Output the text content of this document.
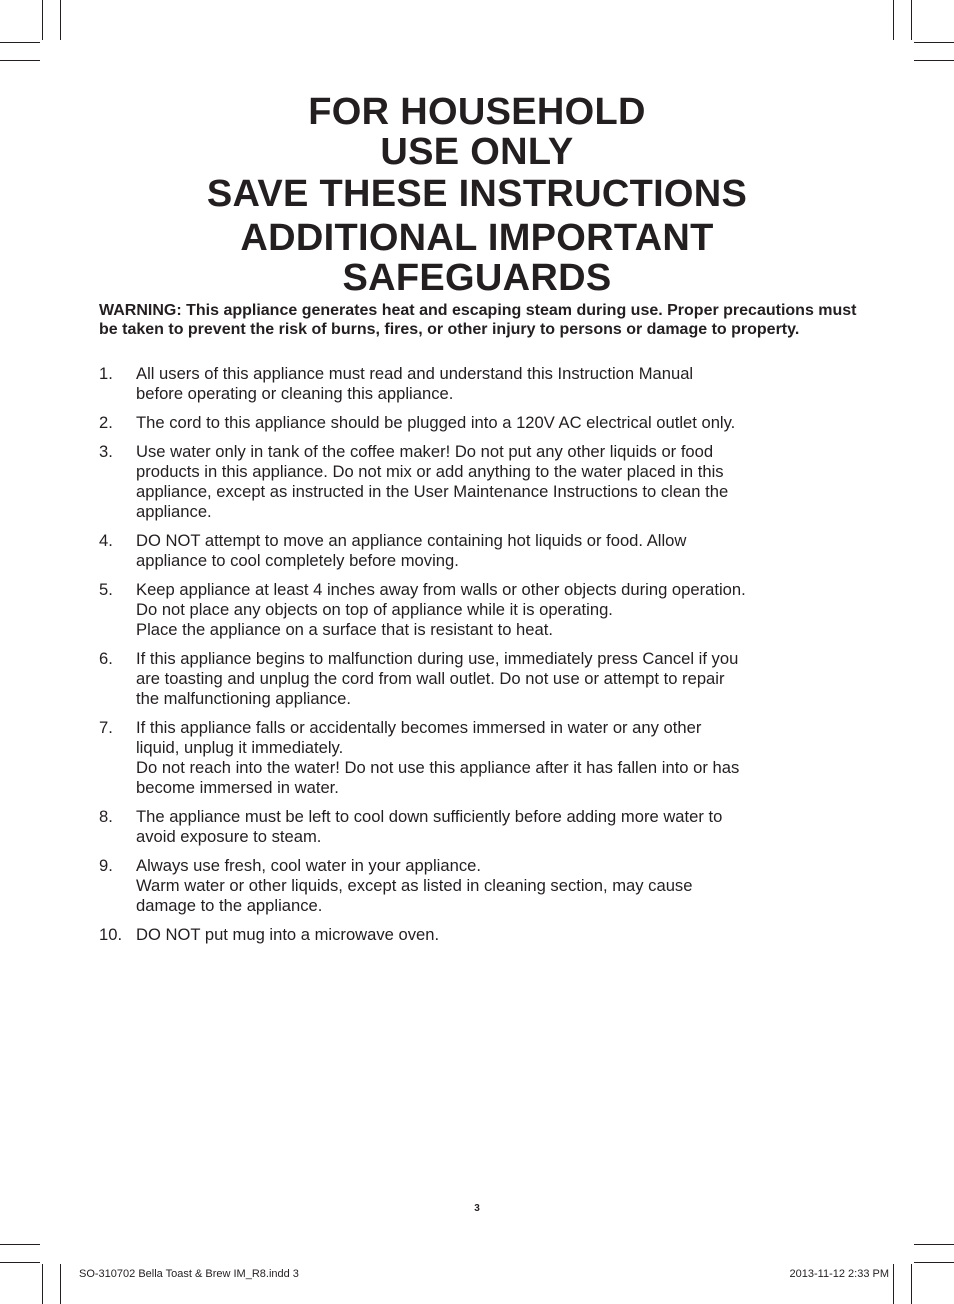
FOR HOUSEHOLD
USE ONLY
SAVE THESE INSTRUCTIONS
ADDITIONAL IMPORTANT
SAFEGUARDS
WARNING: This appliance generates heat and escaping steam during use. Proper precautions must be taken to prevent the risk of burns, fires, or other injury to persons or damage to property.
1. All users of this appliance must read and understand this Instruction Manual
before operating or cleaning this appliance.
2. The cord to this appliance should be plugged into a 120V AC electrical outlet only.
3. Use water only in tank of the coffee maker! Do not put any other liquids or food
products in this appliance. Do not mix or add anything to the water placed in this
appliance, except as instructed in the User Maintenance Instructions to clean the
appliance.
4. DO NOT attempt to move an appliance containing hot liquids or food. Allow
appliance to cool completely before moving.
5. Keep appliance at least 4 inches away from walls or other objects during operation.
Do not place any objects on top of appliance while it is operating.
Place the appliance on a surface that is resistant to heat.
6. If this appliance begins to malfunction during use, immediately press Cancel if you
are toasting and unplug the cord from wall outlet. Do not use or attempt to repair
the malfunctioning appliance.
7. If this appliance falls or accidentally becomes immersed in water or any other
liquid, unplug it immediately.
Do not reach into the water! Do not use this appliance after it has fallen into or has
become immersed in water.
8. The appliance must be left to cool down sufficiently before adding more water to
avoid exposure to steam.
9. Always use fresh, cool water in your appliance.
Warm water or other liquids, except as listed in cleaning section, may cause
damage to the appliance.
10. DO NOT put mug into a microwave oven.
3
SO-310702 Bella Toast & Brew IM_R8.indd 3	2013-11-12 2:33 PM
